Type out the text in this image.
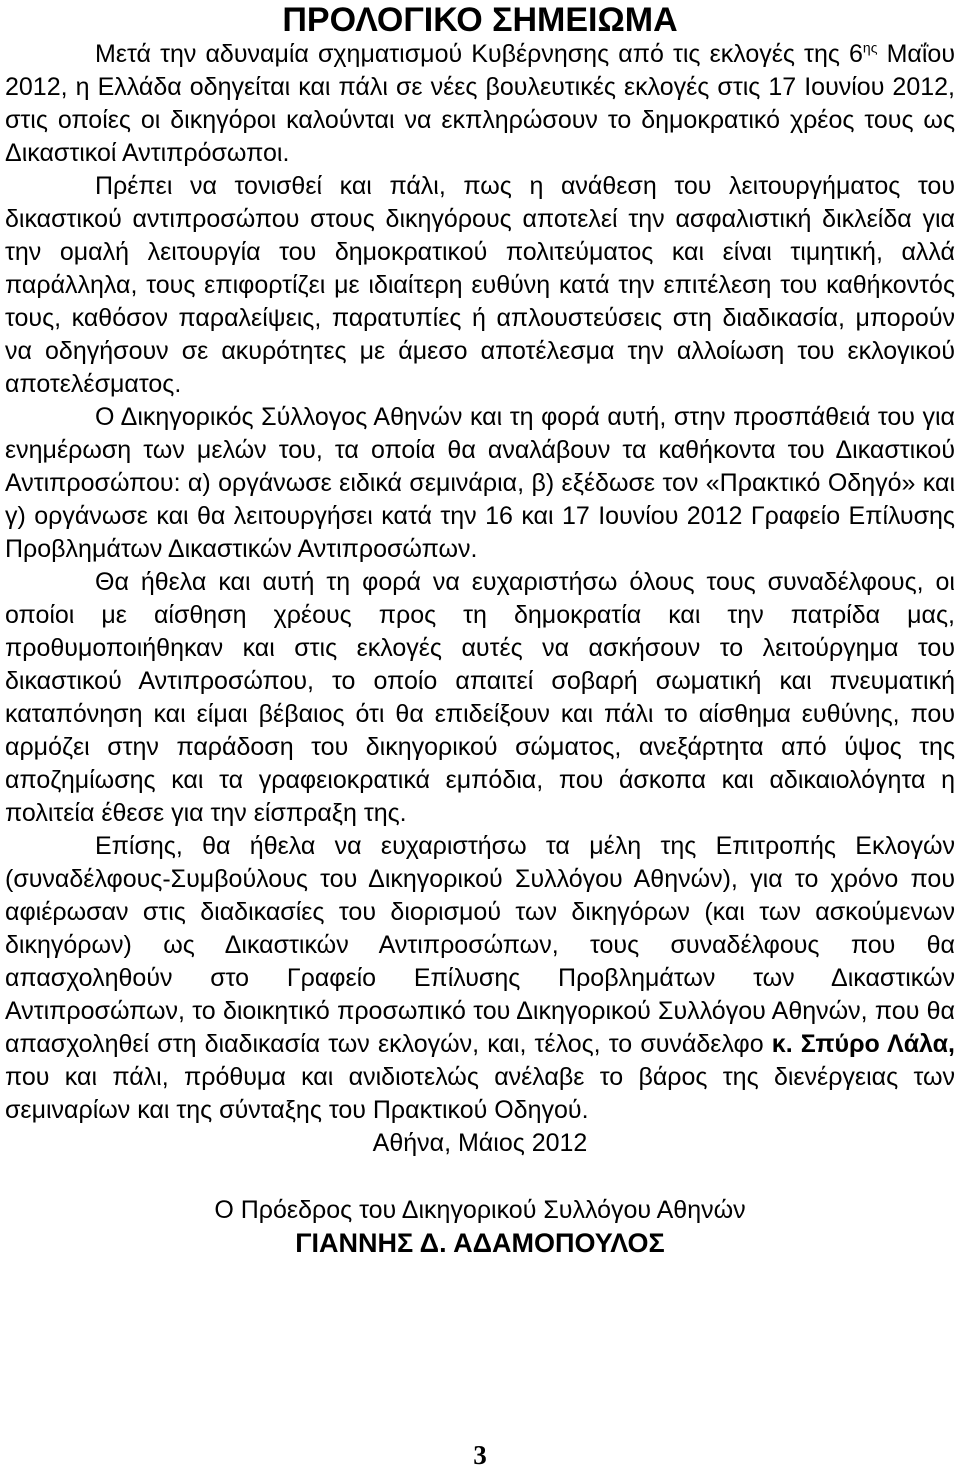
ΠΡΟΛΟΓΙΚΟ ΣΗΜΕΙΩΜΑ

Μετά την αδυναμία σχηματισμού Κυβέρνησης από τις εκλογές της $6^{\eta\varsigma}$ Μαΐου 2012, η Ελλάδα οδηγείται και πάλι σε νέες βουλευτικές εκλογές στις 17 Ιουνίου 2012, στις οποίες οι δικηγόροι καλούνται να εκπληρώσουν το δημοκρατικό χρέος τους ως Δικαστικοί Αντιπρόσωποι.

Πρέπει να τονισθεί και πάλι, πως η ανάθεση του λειτουργήματος του δικαστικού αντιπροσώπου στους δικηγόρους αποτελεί την ασφαλιστική δικλείδα για την ομαλή λειτουργία του δημοκρατικού πολιτεύματος και είναι τιμητική, αλλά παράλληλα, τους επιφορτίζει με ιδιαίτερη ευθύνη κατά την επιτέλεση του καθήκοντός τους, καθόσον παραλείψεις, παρατυπίες ή απλουστεύσεις στη διαδικασία, μπορούν να οδηγήσουν σε ακυρότητες με άμεσο αποτέλεσμα την αλλοίωση του εκλογικού αποτελέσματος.

Ο Δικηγορικός Σύλλογος Αθηνών και τη φορά αυτή, στην προσπάθειά του για ενημέρωση των μελών του, τα οποία θα αναλάβουν τα καθήκοντα του Δικαστικού Αντιπροσώπου: α) οργάνωσε ειδικά σεμινάρια, β) εξέδωσε τον «Πρακτικό Οδηγό» και γ) οργάνωσε και θα λειτουργήσει κατά την 16 και 17 Ιουνίου 2012 Γραφείο Επίλυσης Προβλημάτων Δικαστικών Αντιπροσώπων.

Θα ήθελα και αυτή τη φορά να ευχαριστήσω όλους τους συναδέλφους, οι οποίοι με αίσθηση χρέους προς τη δημοκρατία και την πατρίδα μας, προθυμοποιήθηκαν και στις εκλογές αυτές να ασκήσουν το λειτούργημα του δικαστικού Αντιπροσώπου, το οποίο απαιτεί σοβαρή σωματική και πνευματική καταπόνηση και είμαι βέβαιος ότι θα επιδείξουν και πάλι το αίσθημα ευθύνης, που αρμόζει στην παράδοση του δικηγορικού σώματος, ανεξάρτητα από ύψος της αποζημίωσης και τα γραφειοκρατικά εμπόδια, που άσκοπα και αδικαιολόγητα η πολιτεία έθεσε για την είσπραξη της.

Επίσης, θα ήθελα να ευχαριστήσω τα μέλη της Επιτροπής Εκλογών (συναδέλφους-Συμβούλους του Δικηγορικού Συλλόγου Αθηνών), για το χρόνο που αφιέρωσαν στις διαδικασίες του διορισμού των δικηγόρων (και των ασκούμενων δικηγόρων) ως Δικαστικών Αντιπροσώπων, τους συναδέλφους που θα απασχοληθούν στο Γραφείο Επίλυσης Προβλημάτων των Δικαστικών Αντιπροσώπων, το διοικητικό προσωπικό του Δικηγορικού Συλλόγου Αθηνών, που θα απασχοληθεί στη διαδικασία των εκλογών, και, τέλος, το συνάδελφο κ. Σπύρο Λάλα, που και πάλι, πρόθυμα και ανιδιοτελώς ανέλαβε το βάρος της διενέργειας των σεμιναρίων και της σύνταξης του Πρακτικού Οδηγού.

Αθήνα, Μάιος 2012

Ο Πρόεδρος του Δικηγορικού Συλλόγου Αθηνών

ΓΙΑΝΝΗΣ Δ. ΑΔΑΜΟΠΟΥΛΟΣ

3
